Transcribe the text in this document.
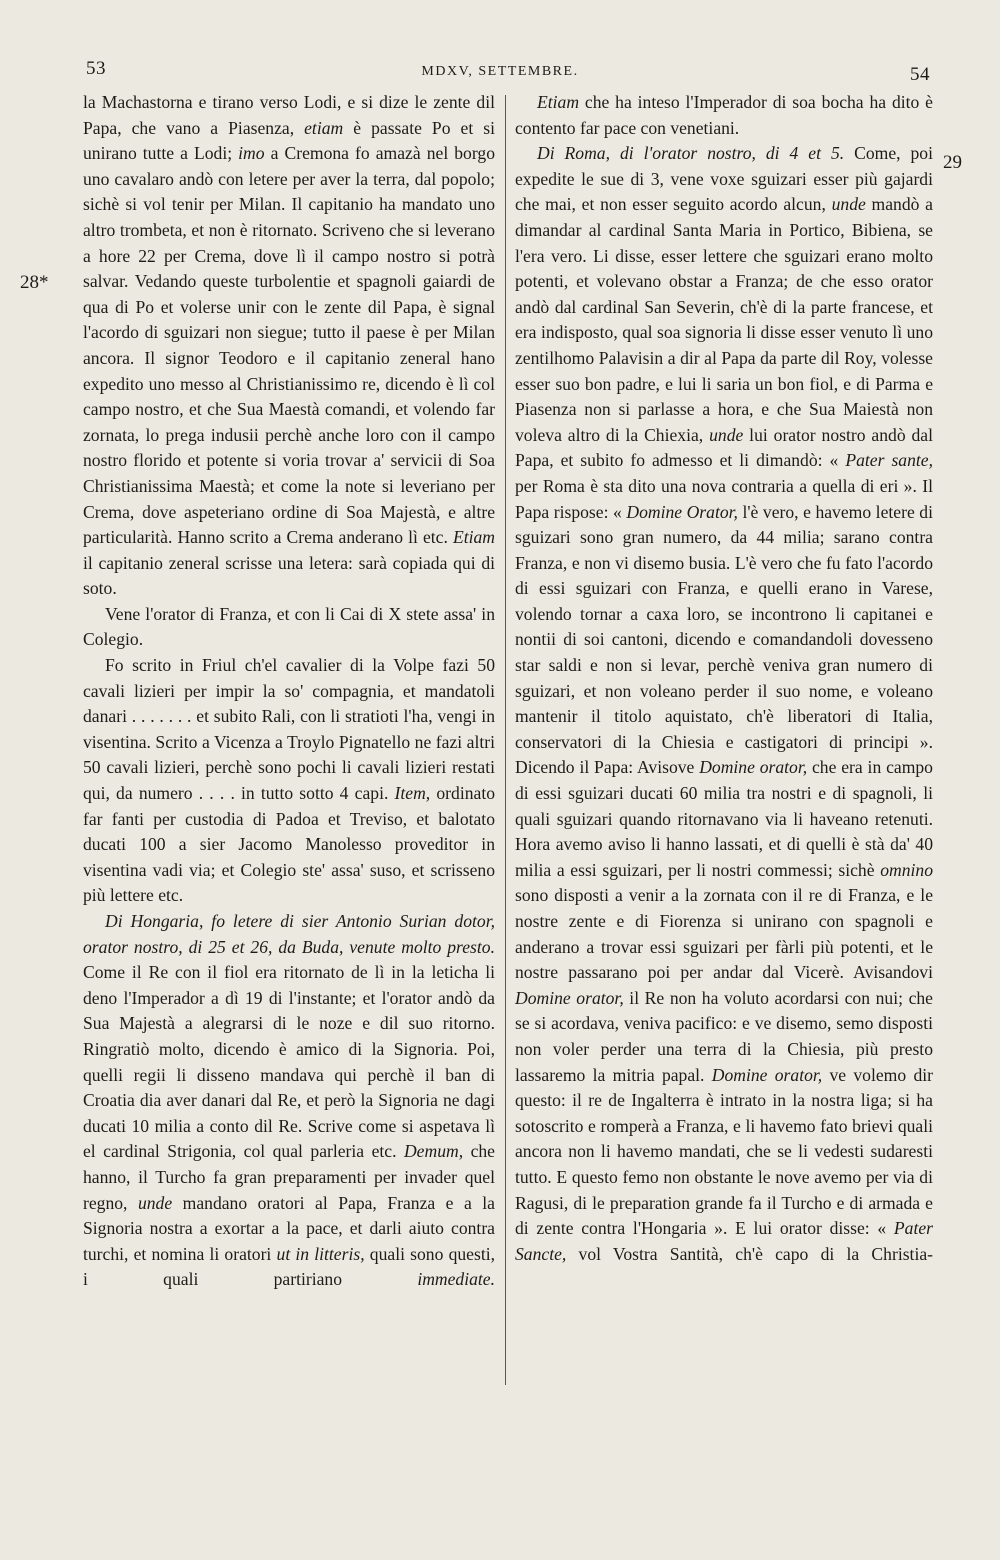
53	MDXV, SETTEMBRE.	54
28*
29

la Machastorna e tirano verso Lodi, e si dize le zente dil Papa, che vano a Piasenza, etiam è passate Po et si unirano tutte a Lodi; imo a Cremona fo amazà nel borgo uno cavalaro andò con letere per aver la terra, dal popolo; sichè si vol tenir per Milan. Il capitanio ha mandato uno altro trombeta, et non è ritornato. Scriveno che si leverano a hore 22 per Crema, dove lì il campo nostro si potrà salvar. Vedando queste turbolentie et spagnoli gaiardi de qua di Po et volerse unir con le zente dil Papa, è signal l'acordo di sguizari non siegue; tutto il paese è per Milan ancora. Il signor Teodoro e il capitanio zeneral hano expedito uno messo al Christianissimo re, dicendo è lì col campo nostro, et che Sua Maestà comandi, et volendo far zornata, lo prega indusii perchè anche loro con il campo nostro florido et potente si voria trovar a' servicii di Soa Christianissima Maestà; et come la note si leveriano per Crema, dove aspeteriano ordine di Soa Majestà, e altre particularità. Hanno scrito a Crema anderano lì etc. Etiam il capitanio zeneral scrisse una letera: sarà copiada qui di soto.

Vene l'orator di Franza, et con li Cai di X stete assa' in Colegio.

Fo scrito in Friul ch'el cavalier di la Volpe fazi 50 cavali lizieri per impir la so' compagnia, et mandatoli danari . . . . . . . et subito Rali, con li stratioti l'ha, vengi in visentina. Scrito a Vicenza a Troylo Pignatello ne fazi altri 50 cavali lizieri, perchè sono pochi li cavali lizieri restati qui, da numero . . . . in tutto sotto 4 capi. Item, ordinato far fanti per custodia di Padoa et Treviso, et balotato ducati 100 a sier Jacomo Manolesso proveditor in visentina vadi via; et Colegio ste' assa' suso, et scrisseno più lettere etc.

Di Hongaria, fo letere di sier Antonio Surian dotor, orator nostro, di 25 et 26, da Buda, venute molto presto. Come il Re con il fiol era ritornato de lì in la leticha li deno l'Imperador a dì 19 di l'instante; et l'orator andò da Sua Majestà a alegrarsi di le noze e dil suo ritorno. Ringratiò molto, dicendo è amico di la Signoria. Poi, quelli regii li disseno mandava qui perchè il ban di Croatia dia aver danari dal Re, et però la Signoria ne dagi ducati 10 milia a conto dil Re. Scrive come si aspetava lì el cardinal Strigonia, col qual parleria etc. Demum, che hanno, il Turcho fa gran preparamenti per invader quel regno, unde mandano oratori al Papa, Franza e a la Signoria nostra a exortar a la pace, et darli aiuto contra turchi, et nomina li oratori ut in litteris, quali sono questi, i quali partiriano immediate.

Etiam che ha inteso l'Imperador di soa bocha ha dito è contento far pace con venetiani.

Di Roma, di l'orator nostro, di 4 et 5. Come, poi expedite le sue di 3, vene voxe sguizari esser più gajardi che mai, et non esser seguito acordo alcun, unde mandò a dimandar al cardinal Santa Maria in Portico, Bibiena, se l'era vero. Li disse, esser lettere che sguizari erano molto potenti, et volevano obstar a Franza; de che esso orator andò dal cardinal San Severin, ch'è di la parte francese, et era indisposto, qual soa signoria li disse esser venuto lì uno zentilhomo Palavisin a dir al Papa da parte dil Roy, volesse esser suo bon padre, e lui li saria un bon fiol, e di Parma e Piasenza non si parlasse a hora, e che Sua Maiestà non voleva altro di la Chiexia, unde lui orator nostro andò dal Papa, et subito fo admesso et li dimandò: « Pater sante, per Roma è sta dito una nova contraria a quella di eri ». Il Papa rispose: « Domine Orator, l'è vero, e havemo letere di sguizari sono gran numero, da 44 milia; sarano contra Franza, e non vi disemo busia. L'è vero che fu fato l'acordo di essi sguizari con Franza, e quelli erano in Varese, volendo tornar a caxa loro, se incontrono li capitanei e nontii di soi cantoni, dicendo e comandandoli dovesseno star saldi e non si levar, perchè veniva gran numero di sguizari, et non voleano perder il suo nome, e voleano mantenir il titolo aquistato, ch'è liberatori di Italia, conservatori di la Chiesia e castigatori di principi ». Dicendo il Papa: Avisove Domine orator, che era in campo di essi sguizari ducati 60 milia tra nostri e di spagnoli, li quali sguizari quando ritornavano via li haveano retenuti. Hora avemo aviso li hanno lassati, et di quelli è stà da' 40 milia a essi sguizari, per li nostri commessi; sichè omnino sono disposti a venir a la zornata con il re di Franza, e le nostre zente e di Fiorenza si unirano con spagnoli e anderano a trovar essi sguizari per fàrli più potenti, et le nostre passarano poi per andar dal Vicerè. Avisandovi Domine orator, il Re non ha voluto acordarsi con nui; che se si acordava, veniva pacifico: e ve disemo, semo disposti non voler perder una terra di la Chiesia, più presto lassaremo la mitria papal. Domine orator, ve volemo dir questo: il re de Ingalterra è intrato in la nostra liga; si ha sotoscrito e romperà a Franza, e li havemo fato brievi quali ancora non li havemo mandati, che se li vedesti sudaresti tutto. E questo femo non obstante le nove avemo per via di Ragusi, di le preparation grande fa il Turcho e di armada e di zente contra l'Hongaria ». E lui orator disse: « Pater Sancte, vol Vostra Santità, ch'è capo di la Christia-
